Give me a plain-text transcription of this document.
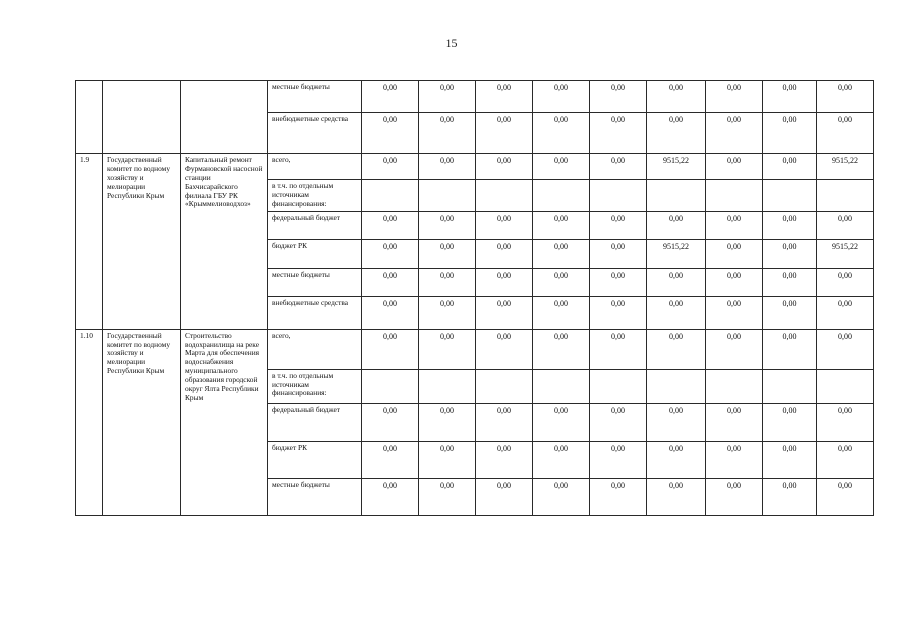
15
			местные бюджеты	0,00	0,00	0,00	0,00	0,00	0,00	0,00	0,00	0,00
			внебюджетные средства	0,00	0,00	0,00	0,00	0,00	0,00	0,00	0,00	0,00
1.9	Государственный комитет по водному хозяйству и мелиорации Республики Крым	Капитальный ремонт Фурмановской насосной станции Бахчисарайского филиала ГБУ РК «Крыммелиоводхоз»	всего,	0,00	0,00	0,00	0,00	0,00	9515,22	0,00	0,00	9515,22
			в т.ч. по отдельным источникам финансирования:									
			федеральный бюджет	0,00	0,00	0,00	0,00	0,00	0,00	0,00	0,00	0,00
			бюджет РК	0,00	0,00	0,00	0,00	0,00	9515,22	0,00	0,00	9515,22
			местные бюджеты	0,00	0,00	0,00	0,00	0,00	0,00	0,00	0,00	0,00
			внебюджетные средства	0,00	0,00	0,00	0,00	0,00	0,00	0,00	0,00	0,00
1.10	Государственный комитет по водному хозяйству и мелиорации Республики Крым	Строительство водохранилища на реке Марта для обеспечения водоснабжения муниципального образования городской округ Ялта Республики Крым	всего,	0,00	0,00	0,00	0,00	0,00	0,00	0,00	0,00	0,00
			в т.ч. по отдельным источникам финансирования:									
			федеральный бюджет	0,00	0,00	0,00	0,00	0,00	0,00	0,00	0,00	0,00
			бюджет РК	0,00	0,00	0,00	0,00	0,00	0,00	0,00	0,00	0,00
			местные бюджеты	0,00	0,00	0,00	0,00	0,00	0,00	0,00	0,00	0,00
